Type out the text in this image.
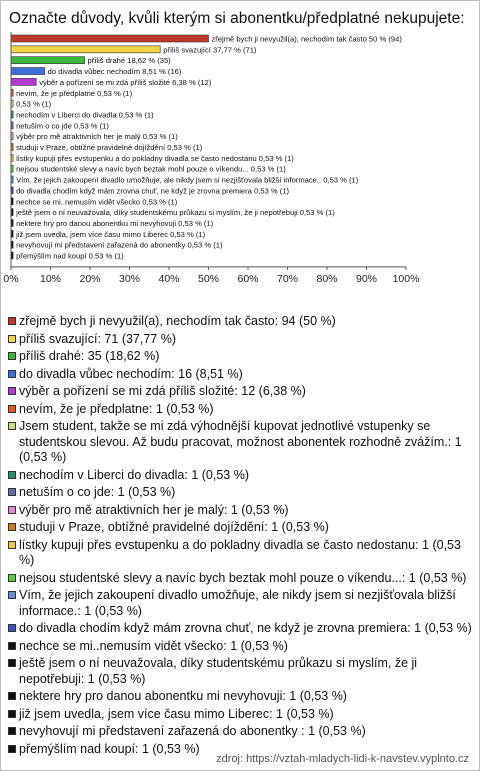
Označte důvody, kvůli kterým si abonentku/předplatné nekupujete:
zřejmě bych ji nevyužil(a), nechodím tak často 50 % (94)
příliš svazující 37,77 % (71)
příliš drahé 18,62 % (35)
do divadla vůbec nechodím 8,51 % (16)
výběr a pořízení se mi zdá příliš složité 6,38 % (12)
nevím, že je předplatne 0,53 % (1)
0,53 % (1)
nechodím v Liberci do divadla 0,53 % (1)
netuším o co jde 0,53 % (1)
výběr pro mě atraktivních her je malý 0,53 % (1)
studuji v Praze, obtížné pravidelné dojíždění 0,53 % (1)
lístky kupuji přes evstupenku a do pokladny divadla se často nedostanu 0,53 % (1)
nejsou studentské slevy a navíc bych beztak mohl pouze o víkendu... 0,53 % (1)
Vím, že jejich zakoupení divadlo umožňuje, ale nikdy jsem si nezjišťovala bližší informace.. 0,53 % (1)
do divadla chodím když mám zrovna chuť, ne když je zrovna premiera 0,53 % (1)
nechce se mi..nemusím vidět všecko 0,53 % (1)
ještě jsem o ní neuvažovala, díky studentskému průkazu si myslím, že ji nepotřebuji 0,53 % (1)
nektere hry pro danou abonentku mi nevyhovuji 0,53 % (1)
již jsem uvedla, jsem více času mimo Liberec 0,53 % (1)
nevyhovují mi představení zařazená do abonentky 0,53 % (1)
přemýšlím nad koupí 0,53 % (1)
0% 10% 20% 30% 40% 50% 60% 70% 80% 90% 100%
zřejmě bych ji nevyužil(a), nechodím tak často: 94 (50 %)
příliš svazující: 71 (37,77 %)
příliš drahé: 35 (18,62 %)
do divadla vůbec nechodím: 16 (8,51 %)
výběr a pořízení se mi zdá příliš složité: 12 (6,38 %)
nevím, že je předplatne: 1 (0,53 %)
Jsem student, takže se mi zdá výhodnější kupovat jednotlivé vstupenky se studentskou slevou. Až budu pracovat, možnost abonentek rozhodně zvážím.: 1 (0,53 %)
nechodím v Liberci do divadla: 1 (0,53 %)
netuším o co jde: 1 (0,53 %)
výběr pro mě atraktivních her je malý: 1 (0,53 %)
studuji v Praze, obtížné pravidelné dojíždění: 1 (0,53 %)
lístky kupuji přes evstupenku a do pokladny divadla se často nedostanu: 1 (0,53 %)
nejsou studentské slevy a navíc bych beztak mohl pouze o víkendu...: 1 (0,53 %)
Vím, že jejich zakoupení divadlo umožňuje, ale nikdy jsem si nezjišťovala bližší informace.: 1 (0,53 %)
do divadla chodím když mám zrovna chuť, ne když je zrovna premiera: 1 (0,53 %)
nechce se mi..nemusím vidět všecko: 1 (0,53 %)
ještě jsem o ní neuvažovala, díky studentskému průkazu si myslím, že ji nepotřebuji: 1 (0,53 %)
nektere hry pro danou abonentku mi nevyhovuji: 1 (0,53 %)
již jsem uvedla, jsem více času mimo Liberec: 1 (0,53 %)
nevyhovují mi představení zařazená do abonentky : 1 (0,53 %)
přemýšlím nad koupí: 1 (0,53 %)
zdroj: https://vztah-mladych-lidi-k-navstev.vyplnto.cz
